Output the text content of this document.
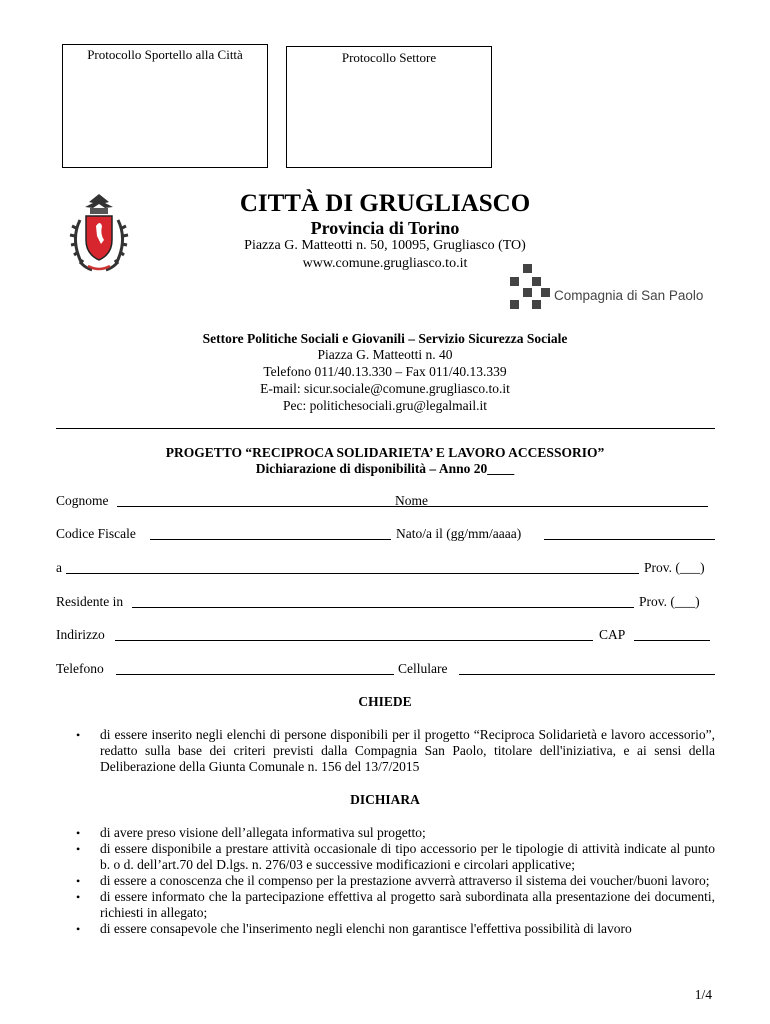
Protocollo Sportello alla Città	Protocollo Settore
CITTÀ DI GRUGLIASCO
Provincia di Torino
Piazza G. Matteotti n. 50, 10095, Grugliasco (TO)
www.comune.grugliasco.to.it
Compagnia di San Paolo
Settore Politiche Sociali e Giovanili – Servizio Sicurezza Sociale
Piazza G. Matteotti n. 40
Telefono 011/40.13.330 – Fax 011/40.13.339
E-mail: sicur.sociale@comune.grugliasco.to.it
Pec: politichesociali.gru@legalmail.it
PROGETTO “RECIPROCA SOLIDARIETA’ E LAVORO ACCESSORIO”
Dichiarazione di disponibilità – Anno 20____
Cognome	Nome
Codice Fiscale	Nato/a il (gg/mm/aaaa)
a	Prov. (___)
Residente in	Prov. (___)
Indirizzo	CAP
Telefono	Cellulare
CHIEDE
• di essere inserito negli elenchi di persone disponibili per il progetto “Reciproca Solidarietà e lavoro accessorio”, redatto sulla base dei criteri previsti dalla Compagnia San Paolo, titolare dell'iniziativa, e ai sensi della Deliberazione della Giunta Comunale n. 156 del 13/7/2015
DICHIARA
• di avere preso visione dell’allegata informativa sul progetto;
• di essere disponibile a prestare attività occasionale di tipo accessorio per le tipologie di attività indicate al punto b. o d. dell’art.70 del D.lgs. n. 276/03 e successive modificazioni e circolari applicative;
• di essere a conoscenza che il compenso per la prestazione avverrà attraverso il sistema dei voucher/buoni lavoro;
• di essere informato che la partecipazione effettiva al progetto sarà subordinata alla presentazione dei documenti, richiesti in allegato;
• di essere consapevole che l'inserimento negli elenchi non garantisce l'effettiva possibilità di lavoro
1/4
